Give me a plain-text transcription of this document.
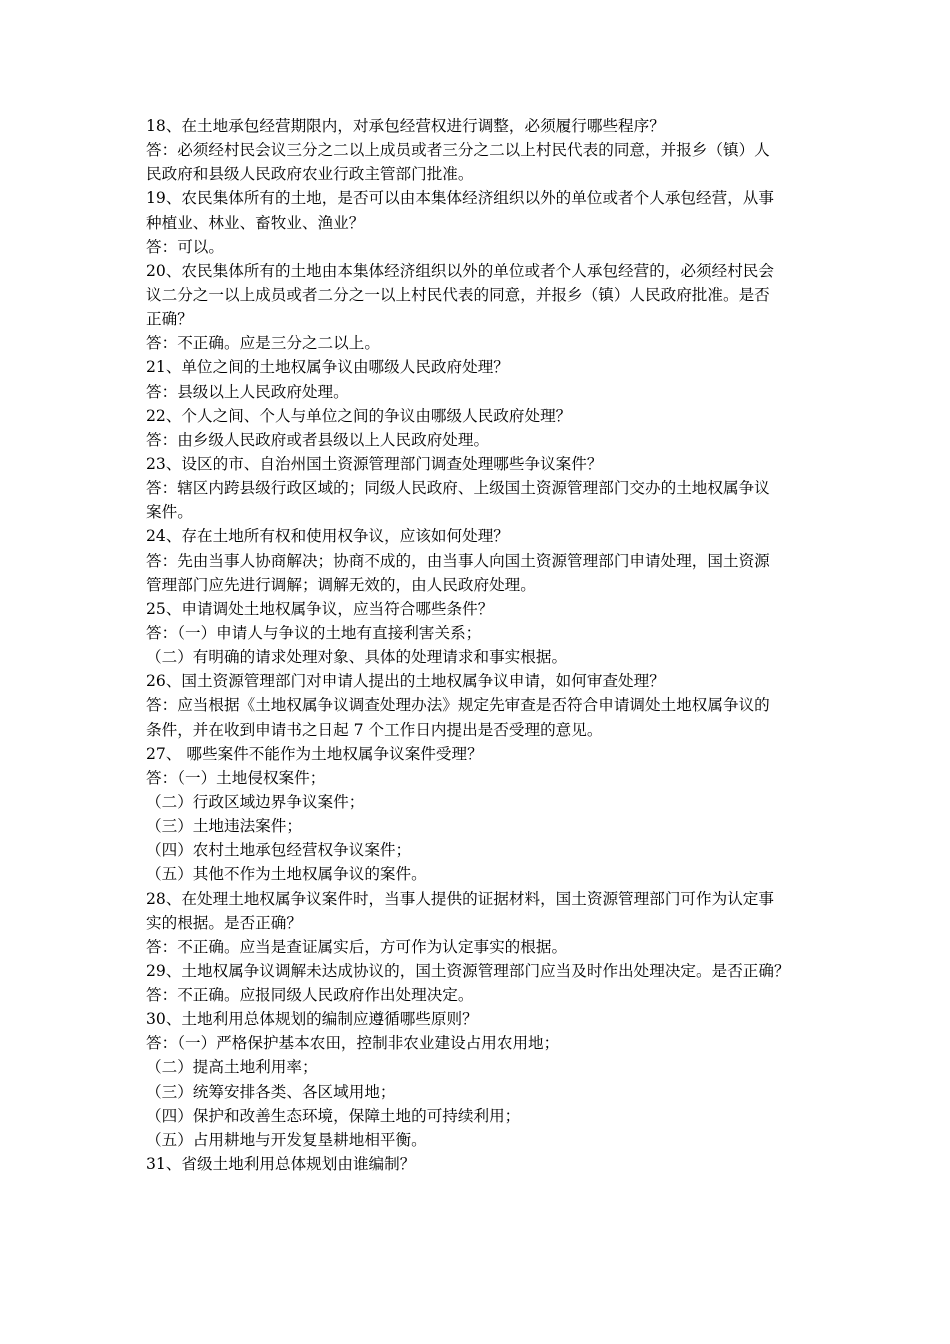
18、在土地承包经营期限内，对承包经营权进行调整，必须履行哪些程序？
答：必须经村民会议三分之二以上成员或者三分之二以上村民代表的同意，并报乡（镇）人
民政府和县级人民政府农业行政主管部门批准。
19、农民集体所有的土地，是否可以由本集体经济组织以外的单位或者个人承包经营，从事
种植业、林业、畜牧业、渔业？
答：可以。
20、农民集体所有的土地由本集体经济组织以外的单位或者个人承包经营的，必须经村民会
议二分之一以上成员或者二分之一以上村民代表的同意，并报乡（镇）人民政府批准。是否
正确？
答：不正确。应是三分之二以上。
21、单位之间的土地权属争议由哪级人民政府处理？
答：县级以上人民政府处理。
22、个人之间、个人与单位之间的争议由哪级人民政府处理？
答：由乡级人民政府或者县级以上人民政府处理。
23、设区的市、自治州国土资源管理部门调查处理哪些争议案件？
答：辖区内跨县级行政区域的；同级人民政府、上级国土资源管理部门交办的土地权属争议
案件。
24、存在土地所有权和使用权争议，应该如何处理？
答：先由当事人协商解决；协商不成的，由当事人向国土资源管理部门申请处理，国土资源
管理部门应先进行调解；调解无效的，由人民政府处理。
25、申请调处土地权属争议，应当符合哪些条件？
答：（一）申请人与争议的土地有直接利害关系；
（二）有明确的请求处理对象、具体的处理请求和事实根据。
26、国土资源管理部门对申请人提出的土地权属争议申请，如何审查处理？
答：应当根据《土地权属争议调查处理办法》规定先审查是否符合申请调处土地权属争议的
条件，并在收到申请书之日起 7 个工作日内提出是否受理的意见。
27、 哪些案件不能作为土地权属争议案件受理？
答：（一）土地侵权案件；
（二）行政区域边界争议案件；
（三）土地违法案件；
（四）农村土地承包经营权争议案件；
（五）其他不作为土地权属争议的案件。
28、在处理土地权属争议案件时，当事人提供的证据材料，国土资源管理部门可作为认定事
实的根据。是否正确？
答：不正确。应当是查证属实后，方可作为认定事实的根据。
29、土地权属争议调解未达成协议的，国土资源管理部门应当及时作出处理决定。是否正确？
答：不正确。应报同级人民政府作出处理决定。
30、土地利用总体规划的编制应遵循哪些原则？
答：（一）严格保护基本农田，控制非农业建设占用农用地；
（二）提高土地利用率；
（三）统筹安排各类、各区域用地；
（四）保护和改善生态环境，保障土地的可持续利用；
（五）占用耕地与开发复垦耕地相平衡。
31、省级土地利用总体规划由谁编制？
